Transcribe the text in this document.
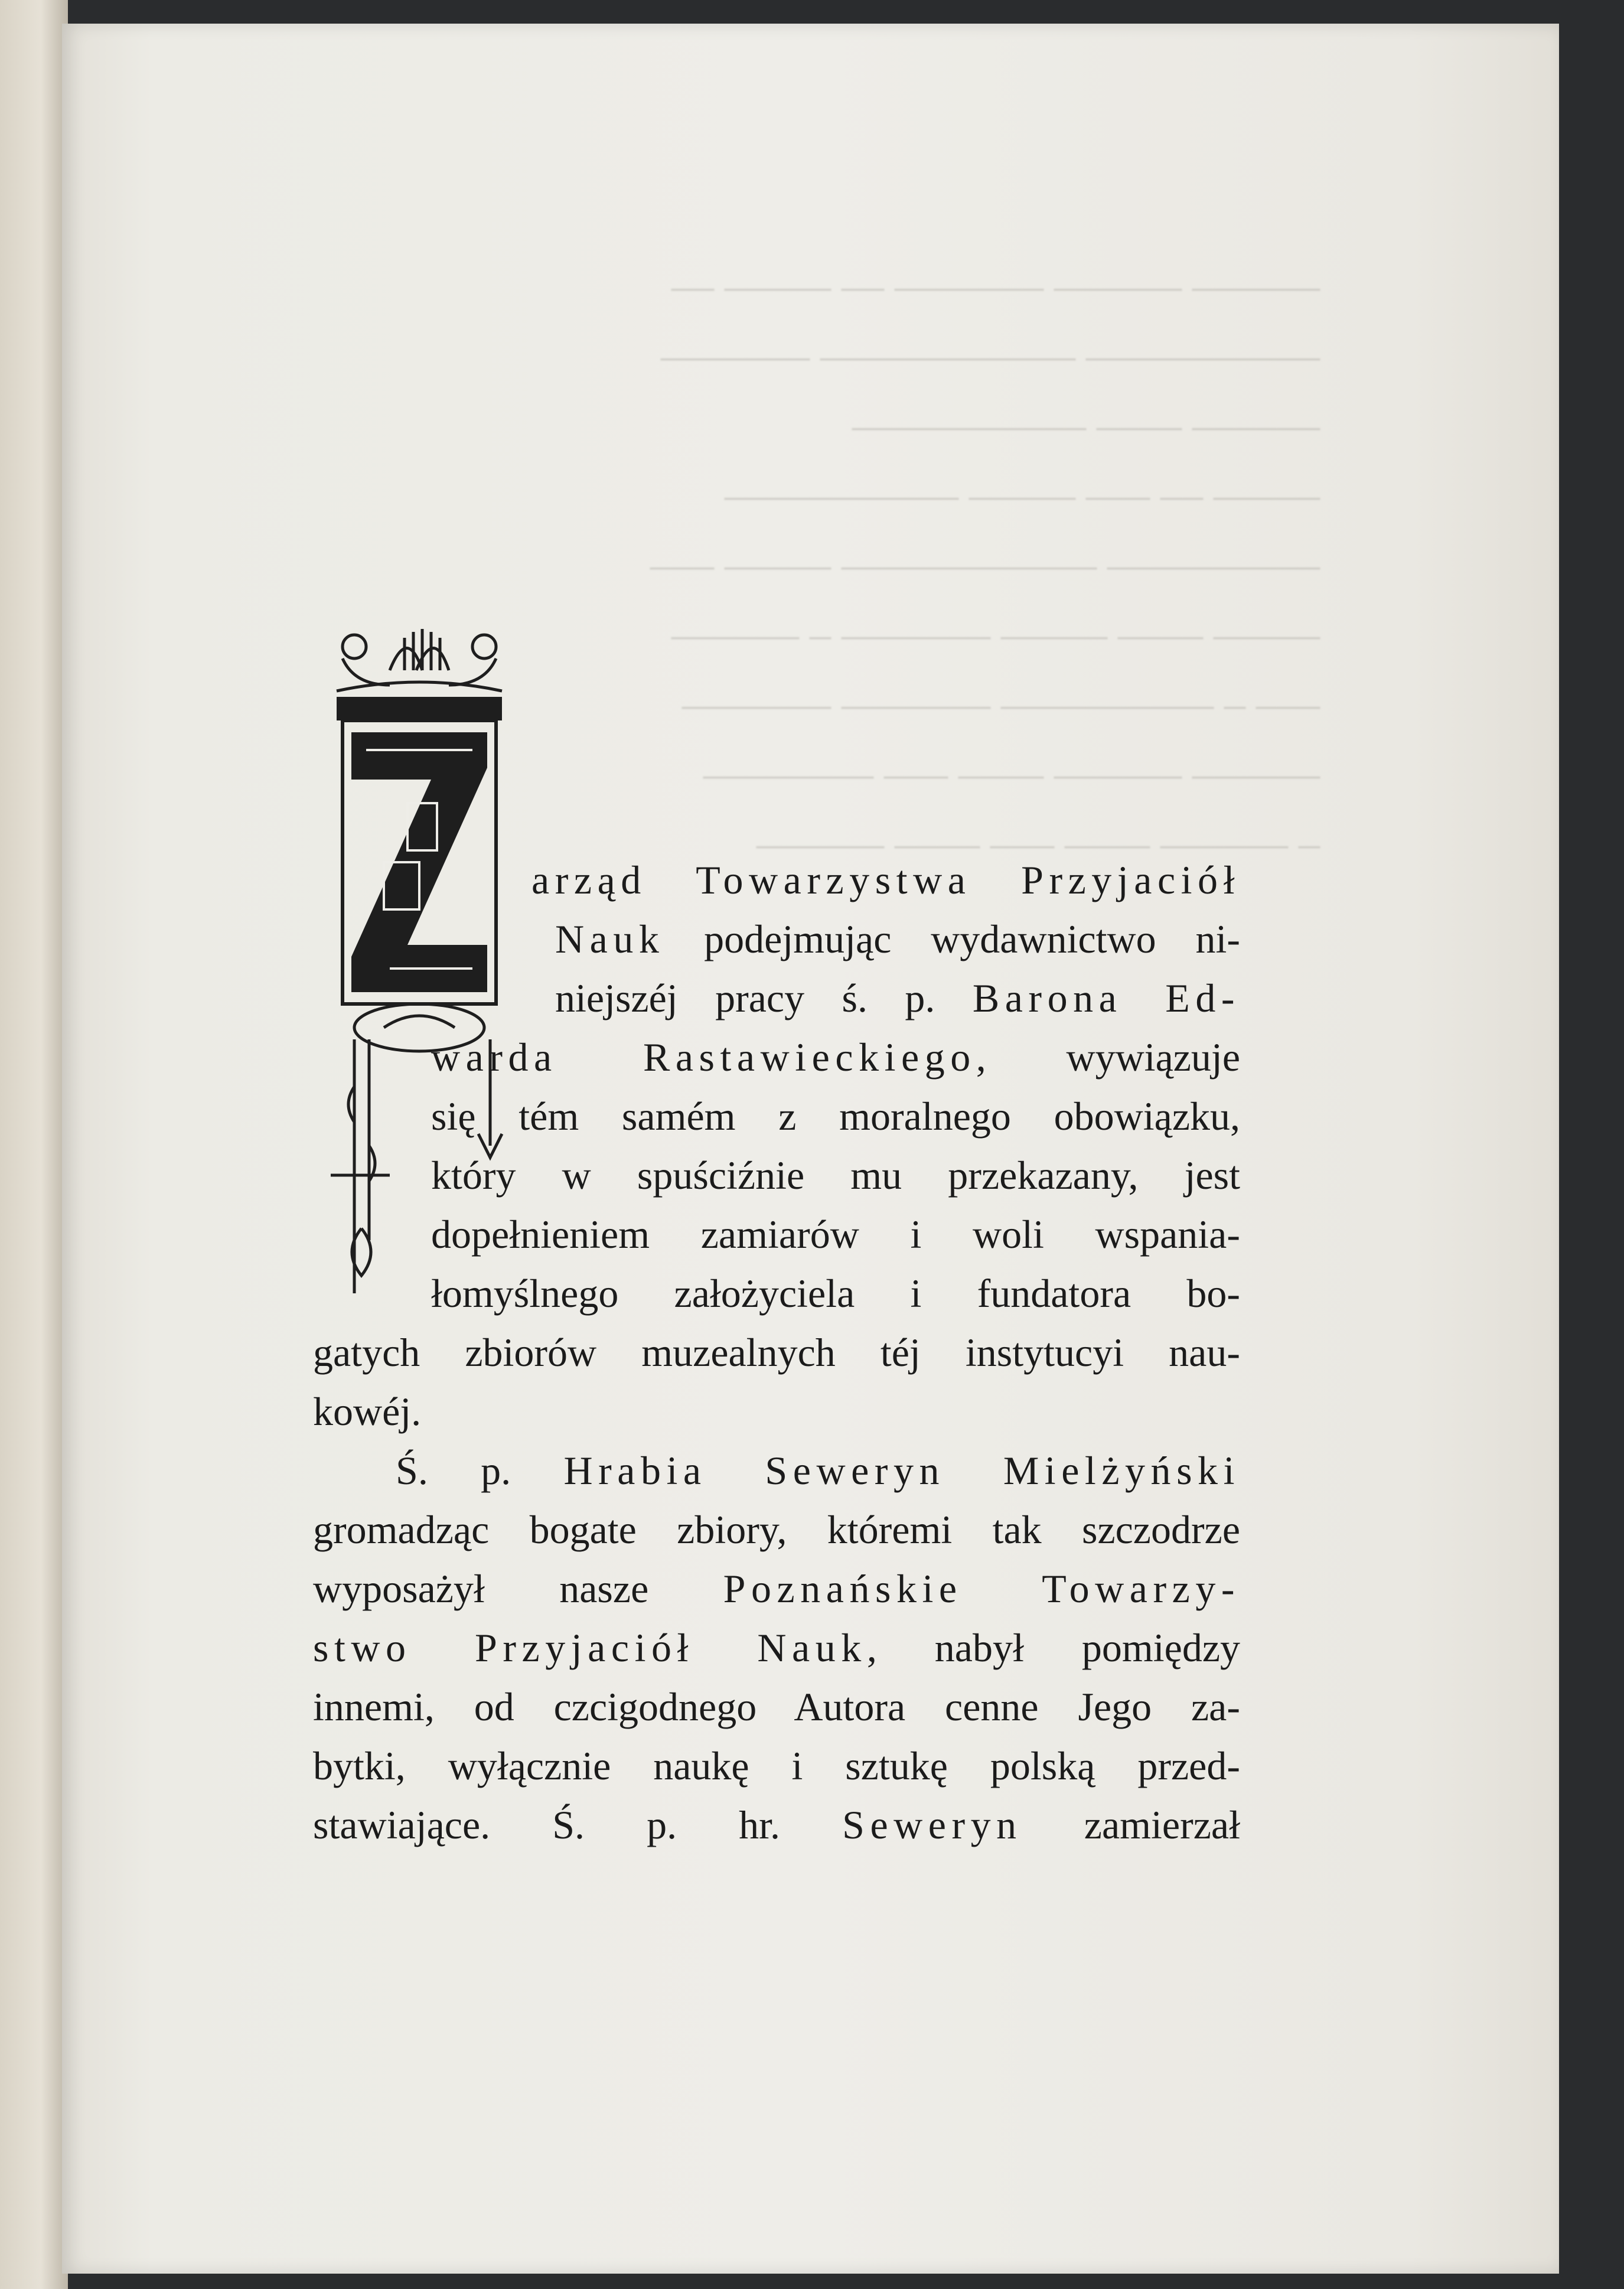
______ ______ _______ __ _____ __
___________ ____________ _______
______ ____ ___________
_____ __ ___ _____ ___________
__________ ____________ _____ ___
_____ ____ _____ _______ _ ______
___ _ __________ _______ _______
______ ______ ____ ___ ________
_ ______ ____ ___ ____ ______
arząd Towarzystwa Przyjaciół
Nauk podejmując wydawnictwo ni-
niejszéj pracy ś. p. Barona Ed-
warda Rastawieckiego, wywiązuje
się tém samém z moralnego obowiązku,
który w spuściźnie mu przekazany, jest
dopełnieniem zamiarów i woli wspania-
łomyślnego założyciela i fundatora bo-
gatych zbiorów muzealnych téj instytucyi nau-
kowéj.
Ś. p. Hrabia Seweryn Mielżyński
gromadząc bogate zbiory, któremi tak szczodrze
wyposażył nasze Poznańskie Towarzy-
stwo Przyjaciół Nauk, nabył pomiędzy
innemi, od czcigodnego Autora cenne Jego za-
bytki, wyłącznie naukę i sztukę polską przed-
stawiające. Ś. p. hr. Seweryn zamierzał
